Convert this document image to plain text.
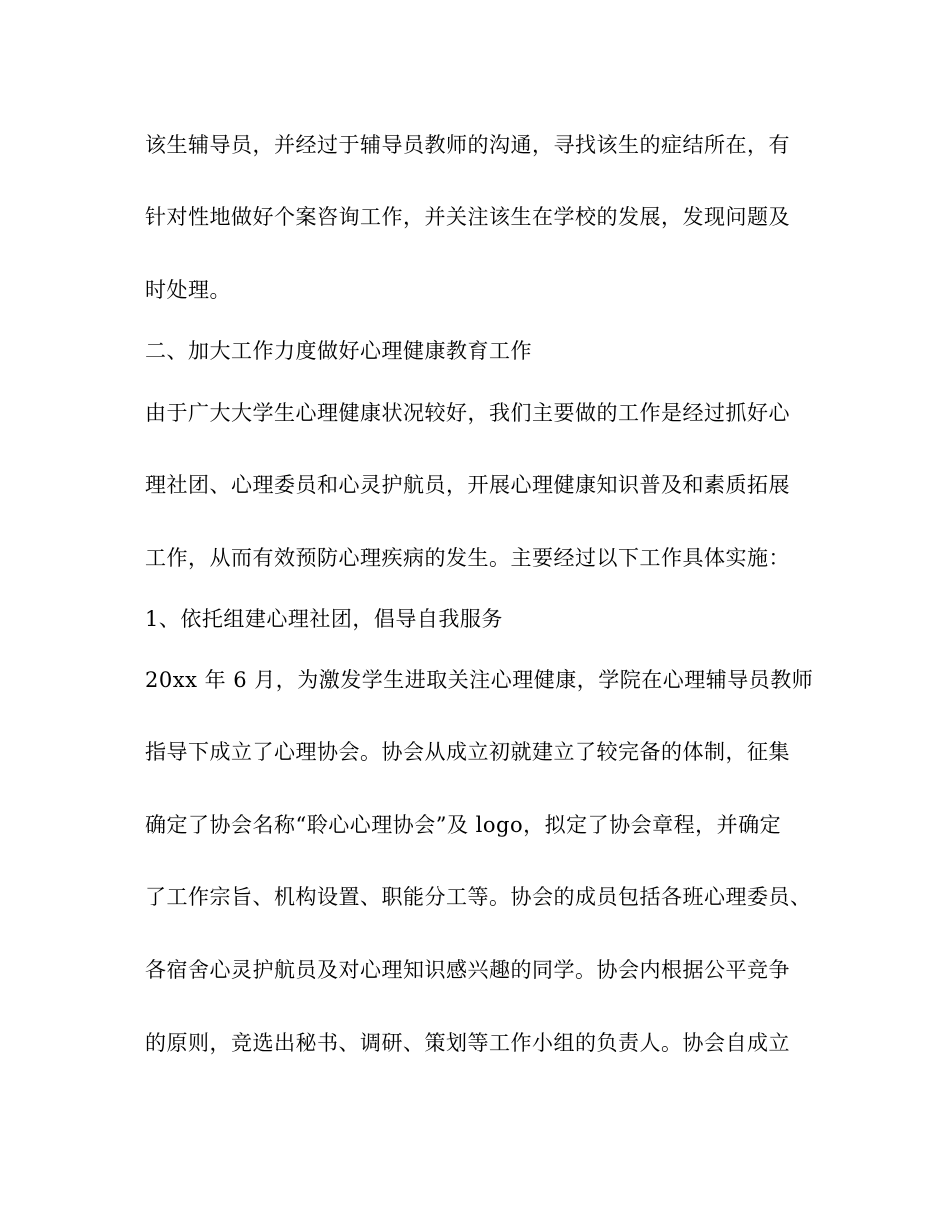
该生辅导员，并经过于辅导员教师的沟通，寻找该生的症结所在，有
针对性地做好个案咨询工作，并关注该生在学校的发展，发现问题及
时处理。
二、加大工作力度做好心理健康教育工作
由于广大大学生心理健康状况较好，我们主要做的工作是经过抓好心
理社团、心理委员和心灵护航员，开展心理健康知识普及和素质拓展
工作，从而有效预防心理疾病的发生。主要经过以下工作具体实施：
1、依托组建心理社团，倡导自我服务
20xx 年 6 月，为激发学生进取关注心理健康，学院在心理辅导员教师
指导下成立了心理协会。协会从成立初就建立了较完备的体制，征集
确定了协会名称“聆心心理协会”及 logo，拟定了协会章程，并确定
了工作宗旨、机构设置、职能分工等。协会的成员包括各班心理委员、
各宿舍心灵护航员及对心理知识感兴趣的同学。协会内根据公平竞争
的原则，竞选出秘书、调研、策划等工作小组的负责人。协会自成立
